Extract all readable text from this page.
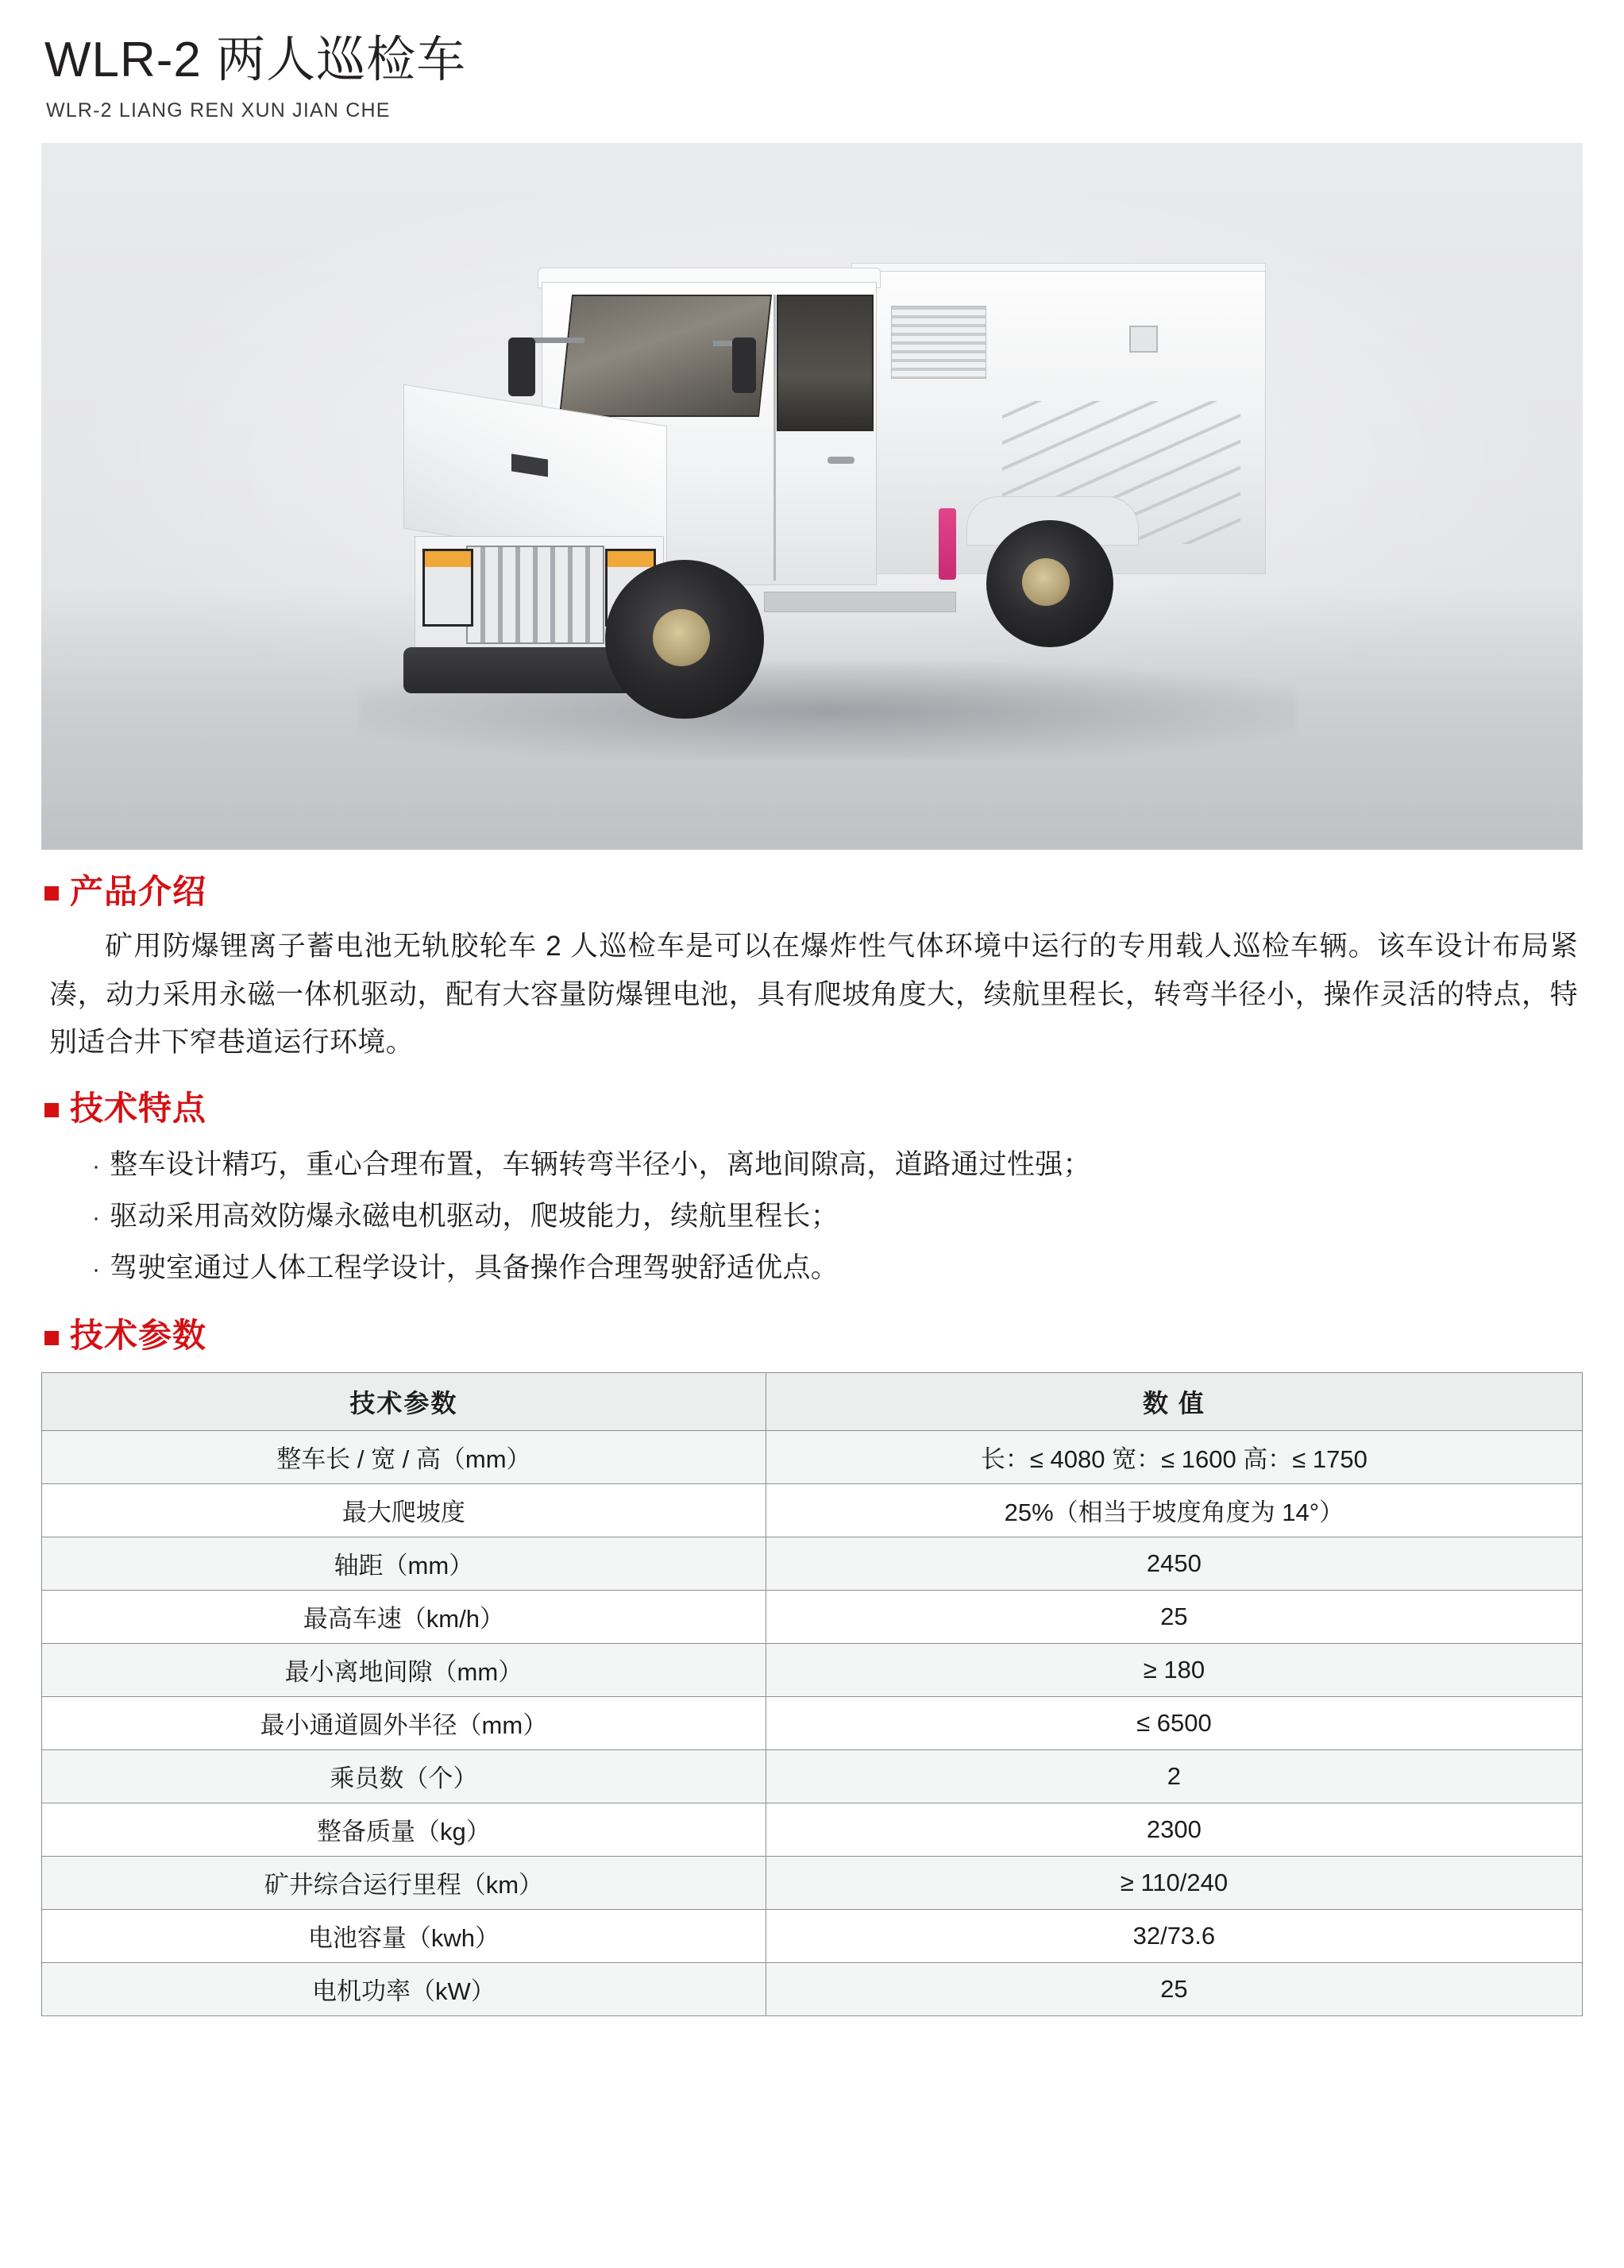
WLR-2 两人巡检车
WLR-2 LIANG REN XUN JIAN CHE
产品介绍

矿用防爆锂离子蓄电池无轨胶轮车 2 人巡检车是可以在爆炸性气体环境中运行的专用载人巡检车辆。该车设计布局紧凑，动力采用永磁一体机驱动，配有大容量防爆锂电池，具有爬坡角度大，续航里程长，转弯半径小，操作灵活的特点，特别适合井下窄巷道运行环境。

技术特点
· 整车设计精巧，重心合理布置，车辆转弯半径小，离地间隙高，道路通过性强；
· 驱动采用高效防爆永磁电机驱动，爬坡能力，续航里程长；
· 驾驶室通过人体工程学设计，具备操作合理驾驶舒适优点。
技术参数
技术参数	数 值
整车长 / 宽 / 高（mm）	长：≤ 4080 宽：≤ 1600 高：≤ 1750
最大爬坡度	25%（相当于坡度角度为 14°）
轴距（mm）	2450
最高车速（km/h）	25
最小离地间隙（mm）	≥ 180
最小通道圆外半径（mm）	≤ 6500
乘员数（个）	2
整备质量（kg）	2300
矿井综合运行里程（km）	≥ 110/240
电池容量（kwh）	32/73.6
电机功率（kW）	25
